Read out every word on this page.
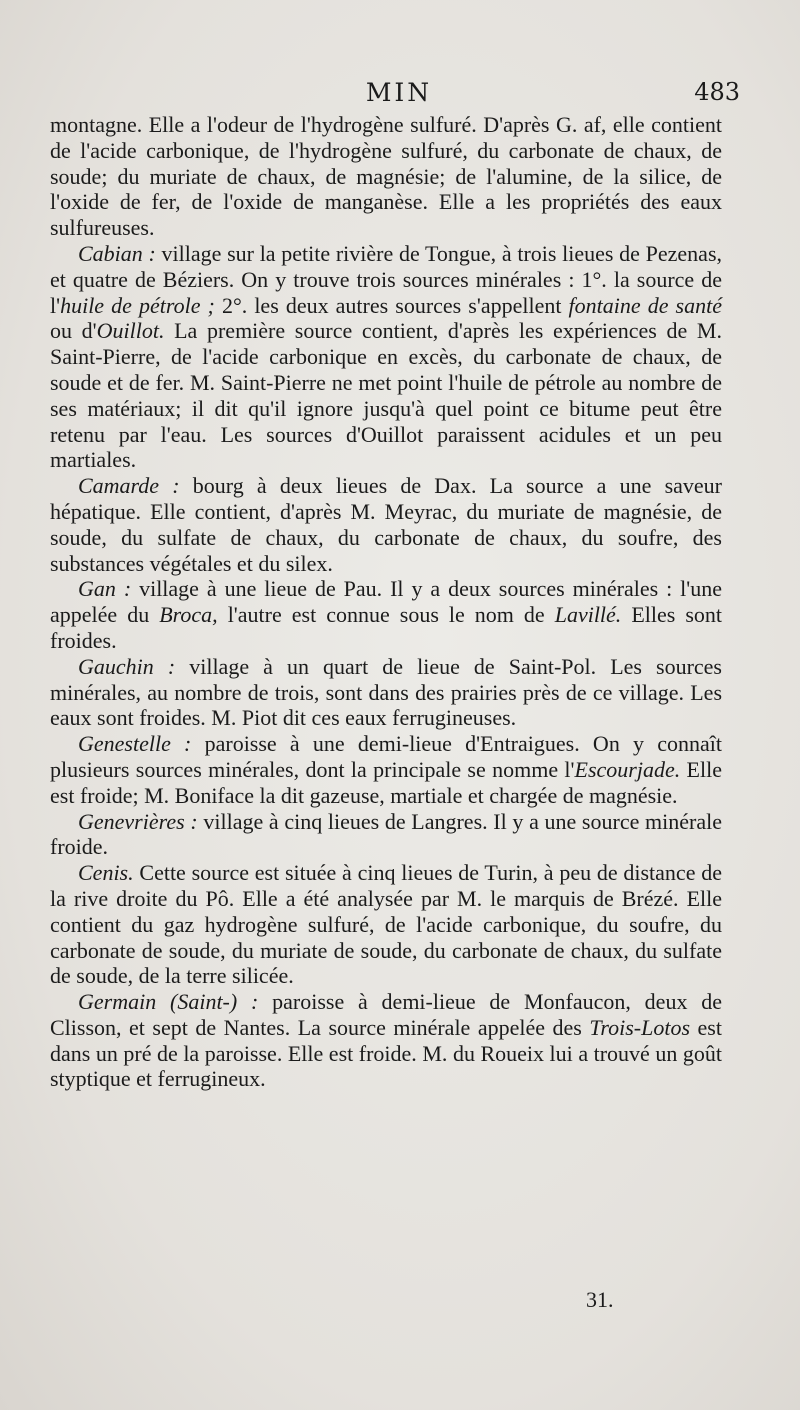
MIN	483

montagne. Elle a l'odeur de l'hydrogène sulfuré. D'après G. af, elle contient de l'acide carbonique, de l'hydrogène sulfuré, du carbonate de chaux, de soude; du muriate de chaux, de magnésie; de l'alumine, de la silice, de l'oxide de fer, de l'oxide de manganèse. Elle a les propriétés des eaux sulfureuses.

Cabian : village sur la petite rivière de Tongue, à trois lieues de Pezenas, et quatre de Béziers. On y trouve trois sources minérales : 1°. la source de l'huile de pétrole ; 2°. les deux autres sources s'appellent fontaine de santé ou d'Ouillot. La première source contient, d'après les expériences de M. Saint-Pierre, de l'acide carbonique en excès, du carbonate de chaux, de soude et de fer. M. Saint-Pierre ne met point l'huile de pétrole au nombre de ses matériaux; il dit qu'il ignore jusqu'à quel point ce bitume peut être retenu par l'eau. Les sources d'Ouillot paraissent acidules et un peu martiales.

Camarde : bourg à deux lieues de Dax. La source a une saveur hépatique. Elle contient, d'après M. Meyrac, du muriate de magnésie, de soude, du sulfate de chaux, du carbonate de chaux, du soufre, des substances végétales et du silex.

Gan : village à une lieue de Pau. Il y a deux sources minérales : l'une appelée du Broca, l'autre est connue sous le nom de Lavillé. Elles sont froides.

Gauchin : village à un quart de lieue de Saint-Pol. Les sources minérales, au nombre de trois, sont dans des prairies près de ce village. Les eaux sont froides. M. Piot dit ces eaux ferrugineuses.

Genestelle : paroisse à une demi-lieue d'Entraigues. On y connaît plusieurs sources minérales, dont la principale se nomme l'Escourjade. Elle est froide; M. Boniface la dit gazeuse, martiale et chargée de magnésie.

Genevrières : village à cinq lieues de Langres. Il y a une source minérale froide.

Cenis. Cette source est située à cinq lieues de Turin, à peu de distance de la rive droite du Pô. Elle a été analysée par M. le marquis de Brézé. Elle contient du gaz hydrogène sulfuré, de l'acide carbonique, du soufre, du carbonate de soude, du muriate de soude, du carbonate de chaux, du sulfate de soude, de la terre silicée.

Germain (Saint-) : paroisse à demi-lieue de Monfaucon, deux de Clisson, et sept de Nantes. La source minérale appelée des Trois-Lotos est dans un pré de la paroisse. Elle est froide. M. du Roueix lui a trouvé un goût styptique et ferrugineux.

31.
